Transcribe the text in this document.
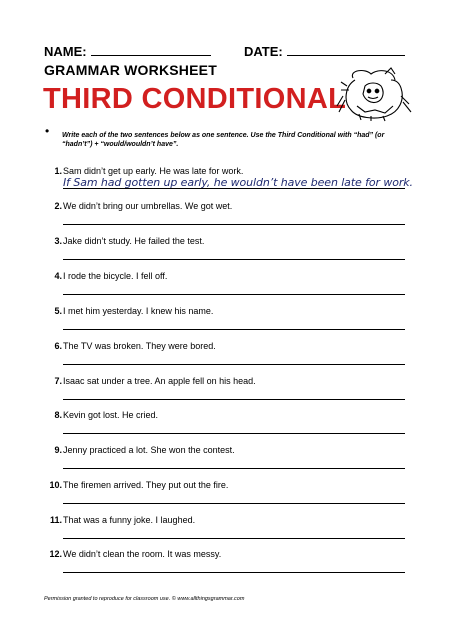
NAME:	DATE:
GRAMMAR WORKSHEET
THIRD CONDITIONAL
• Write each of the two sentences below as one sentence. Use the Third Conditional with “had” (or “hadn’t”) + “would/wouldn’t have”.
1. Sam didn’t get up early. He was late for work.
If Sam had gotten up early, he wouldn’t have been late for work.
2. We didn’t bring our umbrellas. We got wet.
3. Jake didn’t study. He failed the test.
4. I rode the bicycle. I fell off.
5. I met him yesterday. I knew his name.
6. The TV was broken. They were bored.
7. Isaac sat under a tree. An apple fell on his head.
8. Kevin got lost. He cried.
9. Jenny practiced a lot. She won the contest.
10. The firemen arrived. They put out the fire.
11. That was a funny joke. I laughed.
12. We didn’t clean the room. It was messy.
Permission granted to reproduce for classroom use. © www.allthingsgrammar.com
